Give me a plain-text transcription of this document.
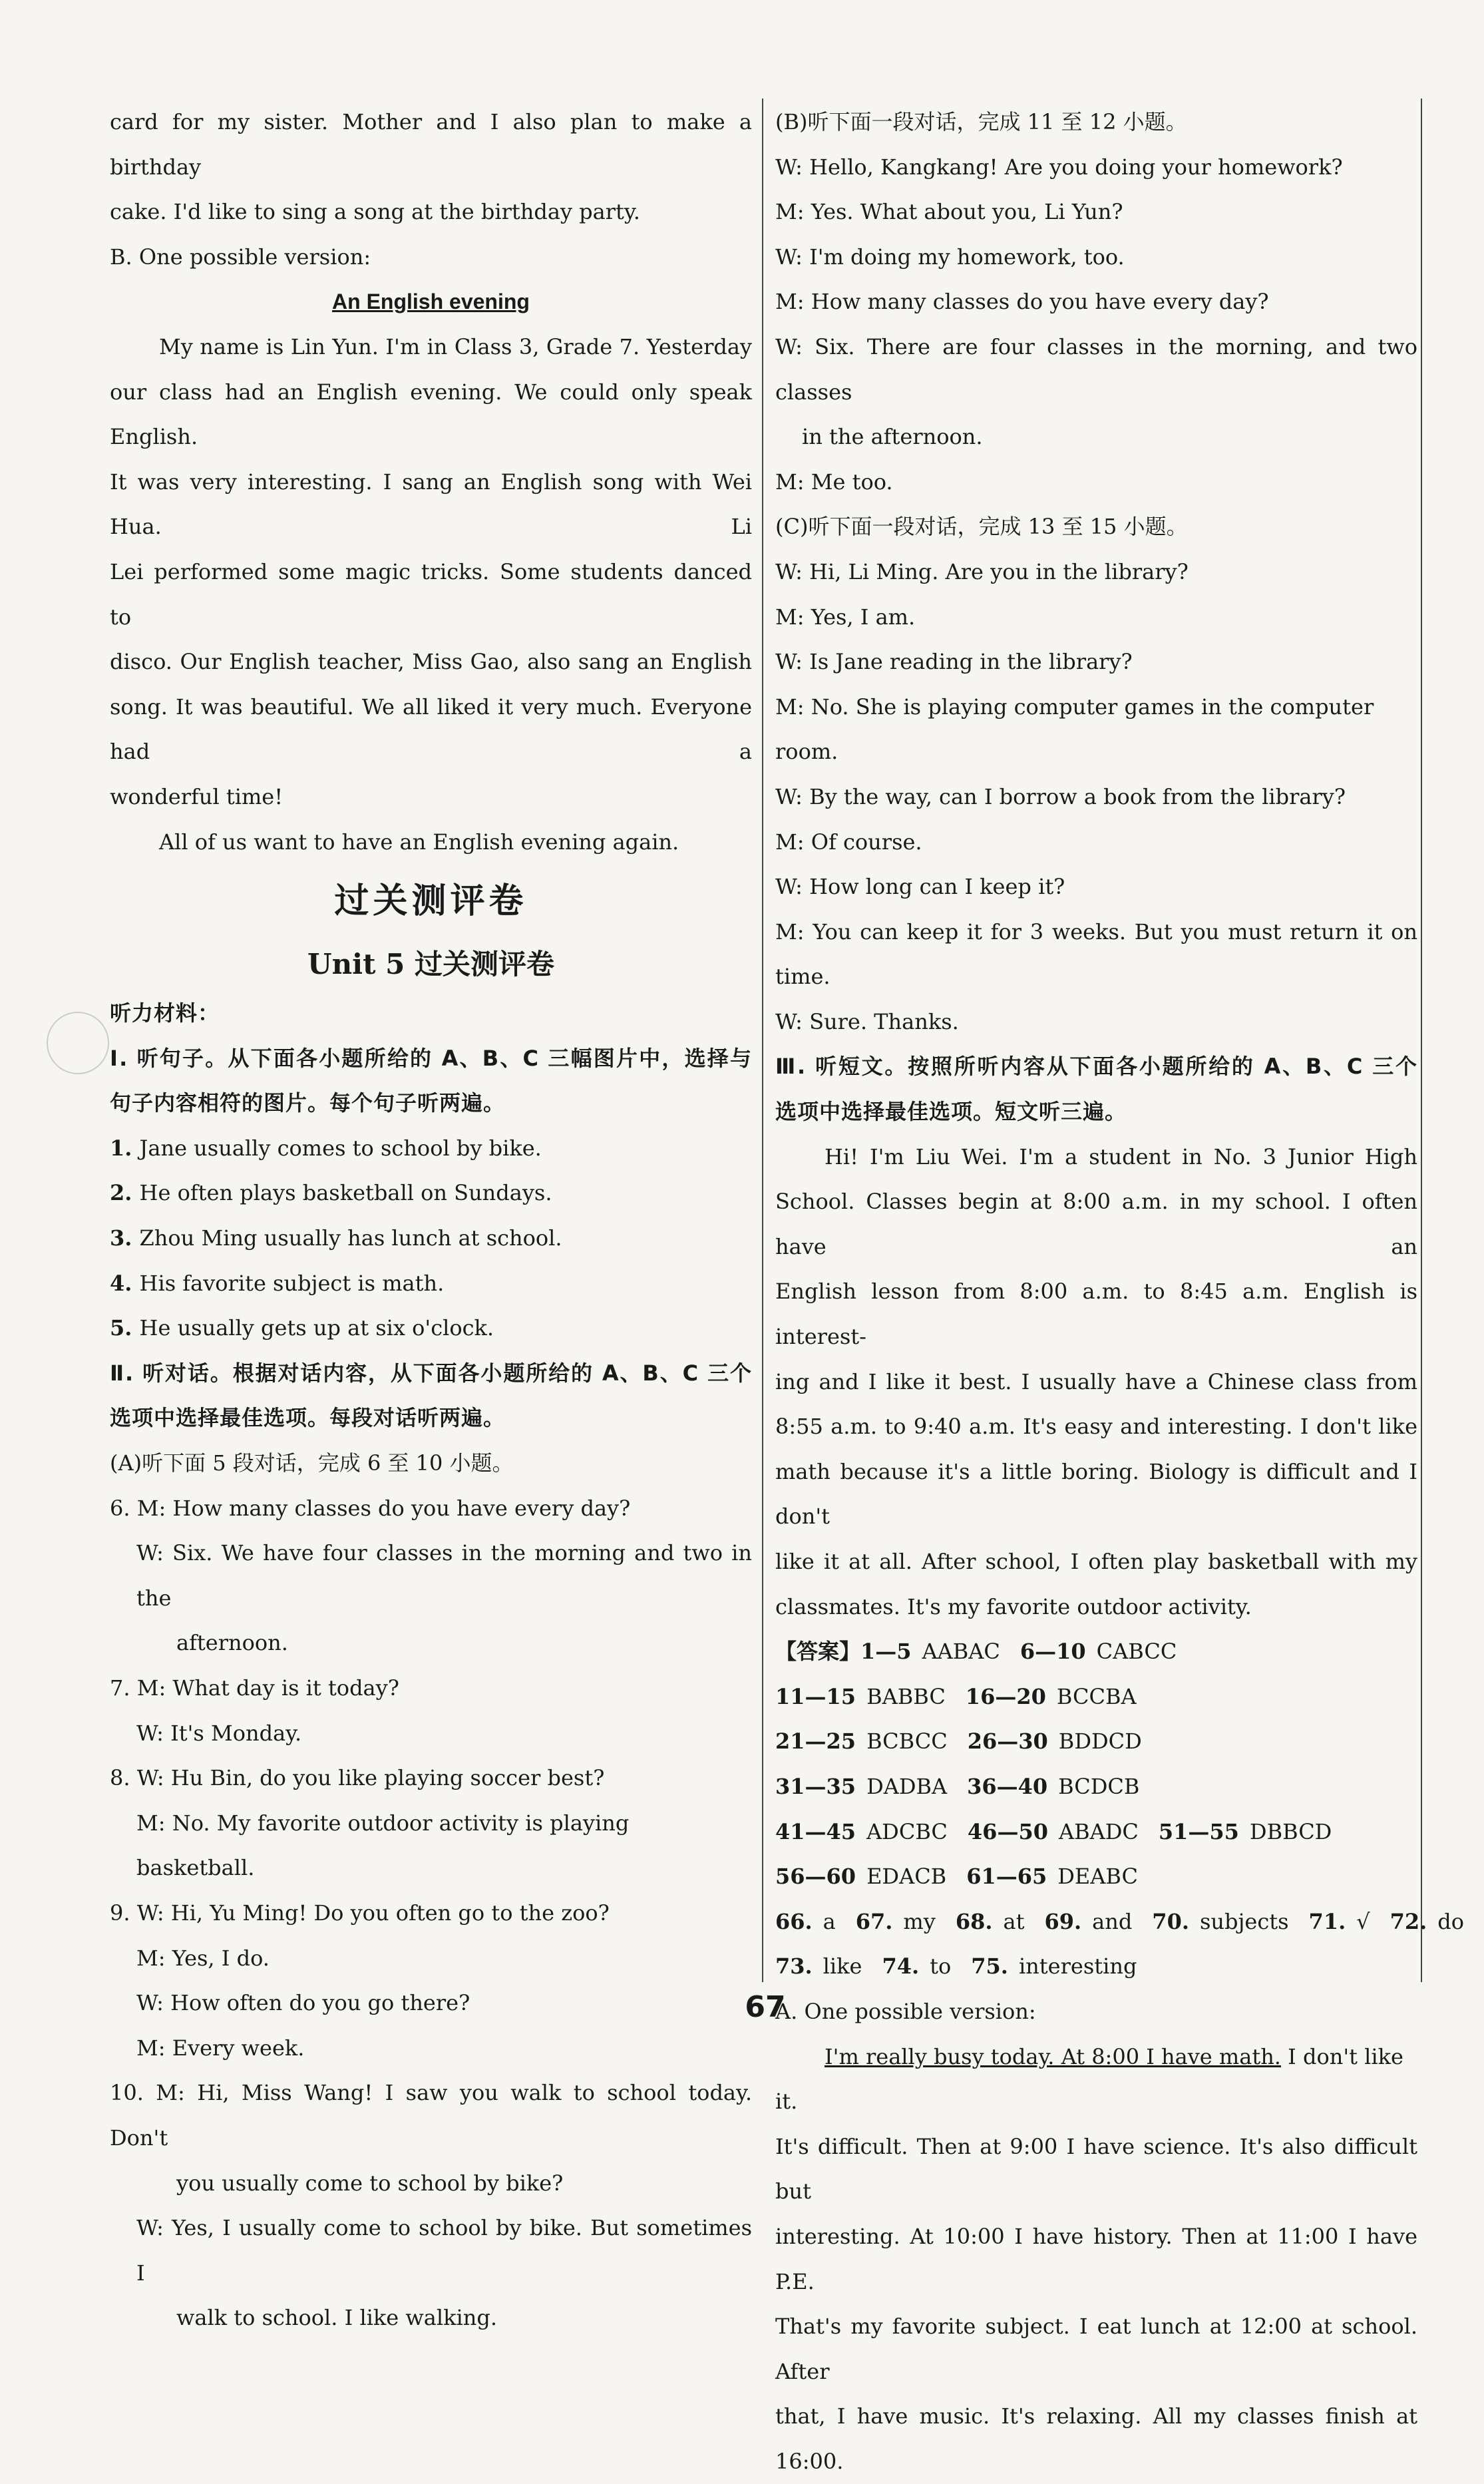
card for my sister. Mother and I also plan to make a birthday

cake. I'd like to sing a song at the birthday party.

B. One possible version:

An English evening

My name is Lin Yun. I'm in Class 3, Grade 7. Yesterday

our class had an English evening. We could only speak English.

It was very interesting. I sang an English song with Wei Hua. Li

Lei performed some magic tricks. Some students danced to

disco. Our English teacher, Miss Gao, also sang an English

song. It was beautiful. We all liked it very much. Everyone had a

wonderful time!

All of us want to have an English evening again.

过关测评卷

Unit 5 过关测评卷

听力材料：

Ⅰ. 听句子。从下面各小题所给的 A、B、C 三幅图片中，选择与

句子内容相符的图片。每个句子听两遍。

1. Jane usually comes to school by bike.

2. He often plays basketball on Sundays.

3. Zhou Ming usually has lunch at school.

4. His favorite subject is math.

5. He usually gets up at six o'clock.

Ⅱ. 听对话。根据对话内容，从下面各小题所给的 A、B、C 三个

选项中选择最佳选项。每段对话听两遍。

(A)听下面 5 段对话，完成 6 至 10 小题。

6. M: How many classes do you have every day?

W: Six. We have four classes in the morning and two in the

afternoon.

7. M: What day is it today?

W: It's Monday.

8. W: Hu Bin, do you like playing soccer best?

M: No. My favorite outdoor activity is playing basketball.

9. W: Hi, Yu Ming! Do you often go to the zoo?

M: Yes, I do.

W: How often do you go there?

M: Every week.

10. M: Hi, Miss Wang! I saw you walk to school today. Don't

you usually come to school by bike?

W: Yes, I usually come to school by bike. But sometimes I

walk to school. I like walking.

(B)听下面一段对话，完成 11 至 12 小题。

W: Hello, Kangkang! Are you doing your homework?

M: Yes. What about you, Li Yun?

W: I'm doing my homework, too.

M: How many classes do you have every day?

W: Six. There are four classes in the morning, and two classes

in the afternoon.

M: Me too.

(C)听下面一段对话，完成 13 至 15 小题。

W: Hi, Li Ming. Are you in the library?

M: Yes, I am.

W: Is Jane reading in the library?

M: No. She is playing computer games in the computer room.

W: By the way, can I borrow a book from the library?

M: Of course.

W: How long can I keep it?

M: You can keep it for 3 weeks. But you must return it on time.

W: Sure. Thanks.

Ⅲ. 听短文。按照所听内容从下面各小题所给的 A、B、C 三个

选项中选择最佳选项。短文听三遍。

Hi! I'm Liu Wei. I'm a student in No. 3 Junior High

School. Classes begin at 8:00 a.m. in my school. I often have an

English lesson from 8:00 a.m. to 8:45 a.m. English is interest-

ing and I like it best. I usually have a Chinese class from

8:55 a.m. to 9:40 a.m. It's easy and interesting. I don't like

math because it's a little boring. Biology is difficult and I don't

like it at all. After school, I often play basketball with my

classmates. It's my favorite outdoor activity.

【答案】1—5 AABAC 6—10 CABCC

11—15 BABBC 16—20 BCCBA

21—25 BCBCC 26—30 BDDCD

31—35 DADBA 36—40 BCDCB

41—45 ADCBC 46—50 ABADC 51—55 DBBCD

56—60 EDACB 61—65 DEABC

66. a 67. my 68. at 69. and 70. subjects 71. √ 72. do

73. like 74. to 75. interesting

A. One possible version:

I'm really busy today. At 8:00 I have math. I don't like it.

It's difficult. Then at 9:00 I have science. It's also difficult but

interesting. At 10:00 I have history. Then at 11:00 I have P.E.

That's my favorite subject. I eat lunch at 12:00 at school. After

that, I have music. It's relaxing. All my classes finish at 16:00.

67
